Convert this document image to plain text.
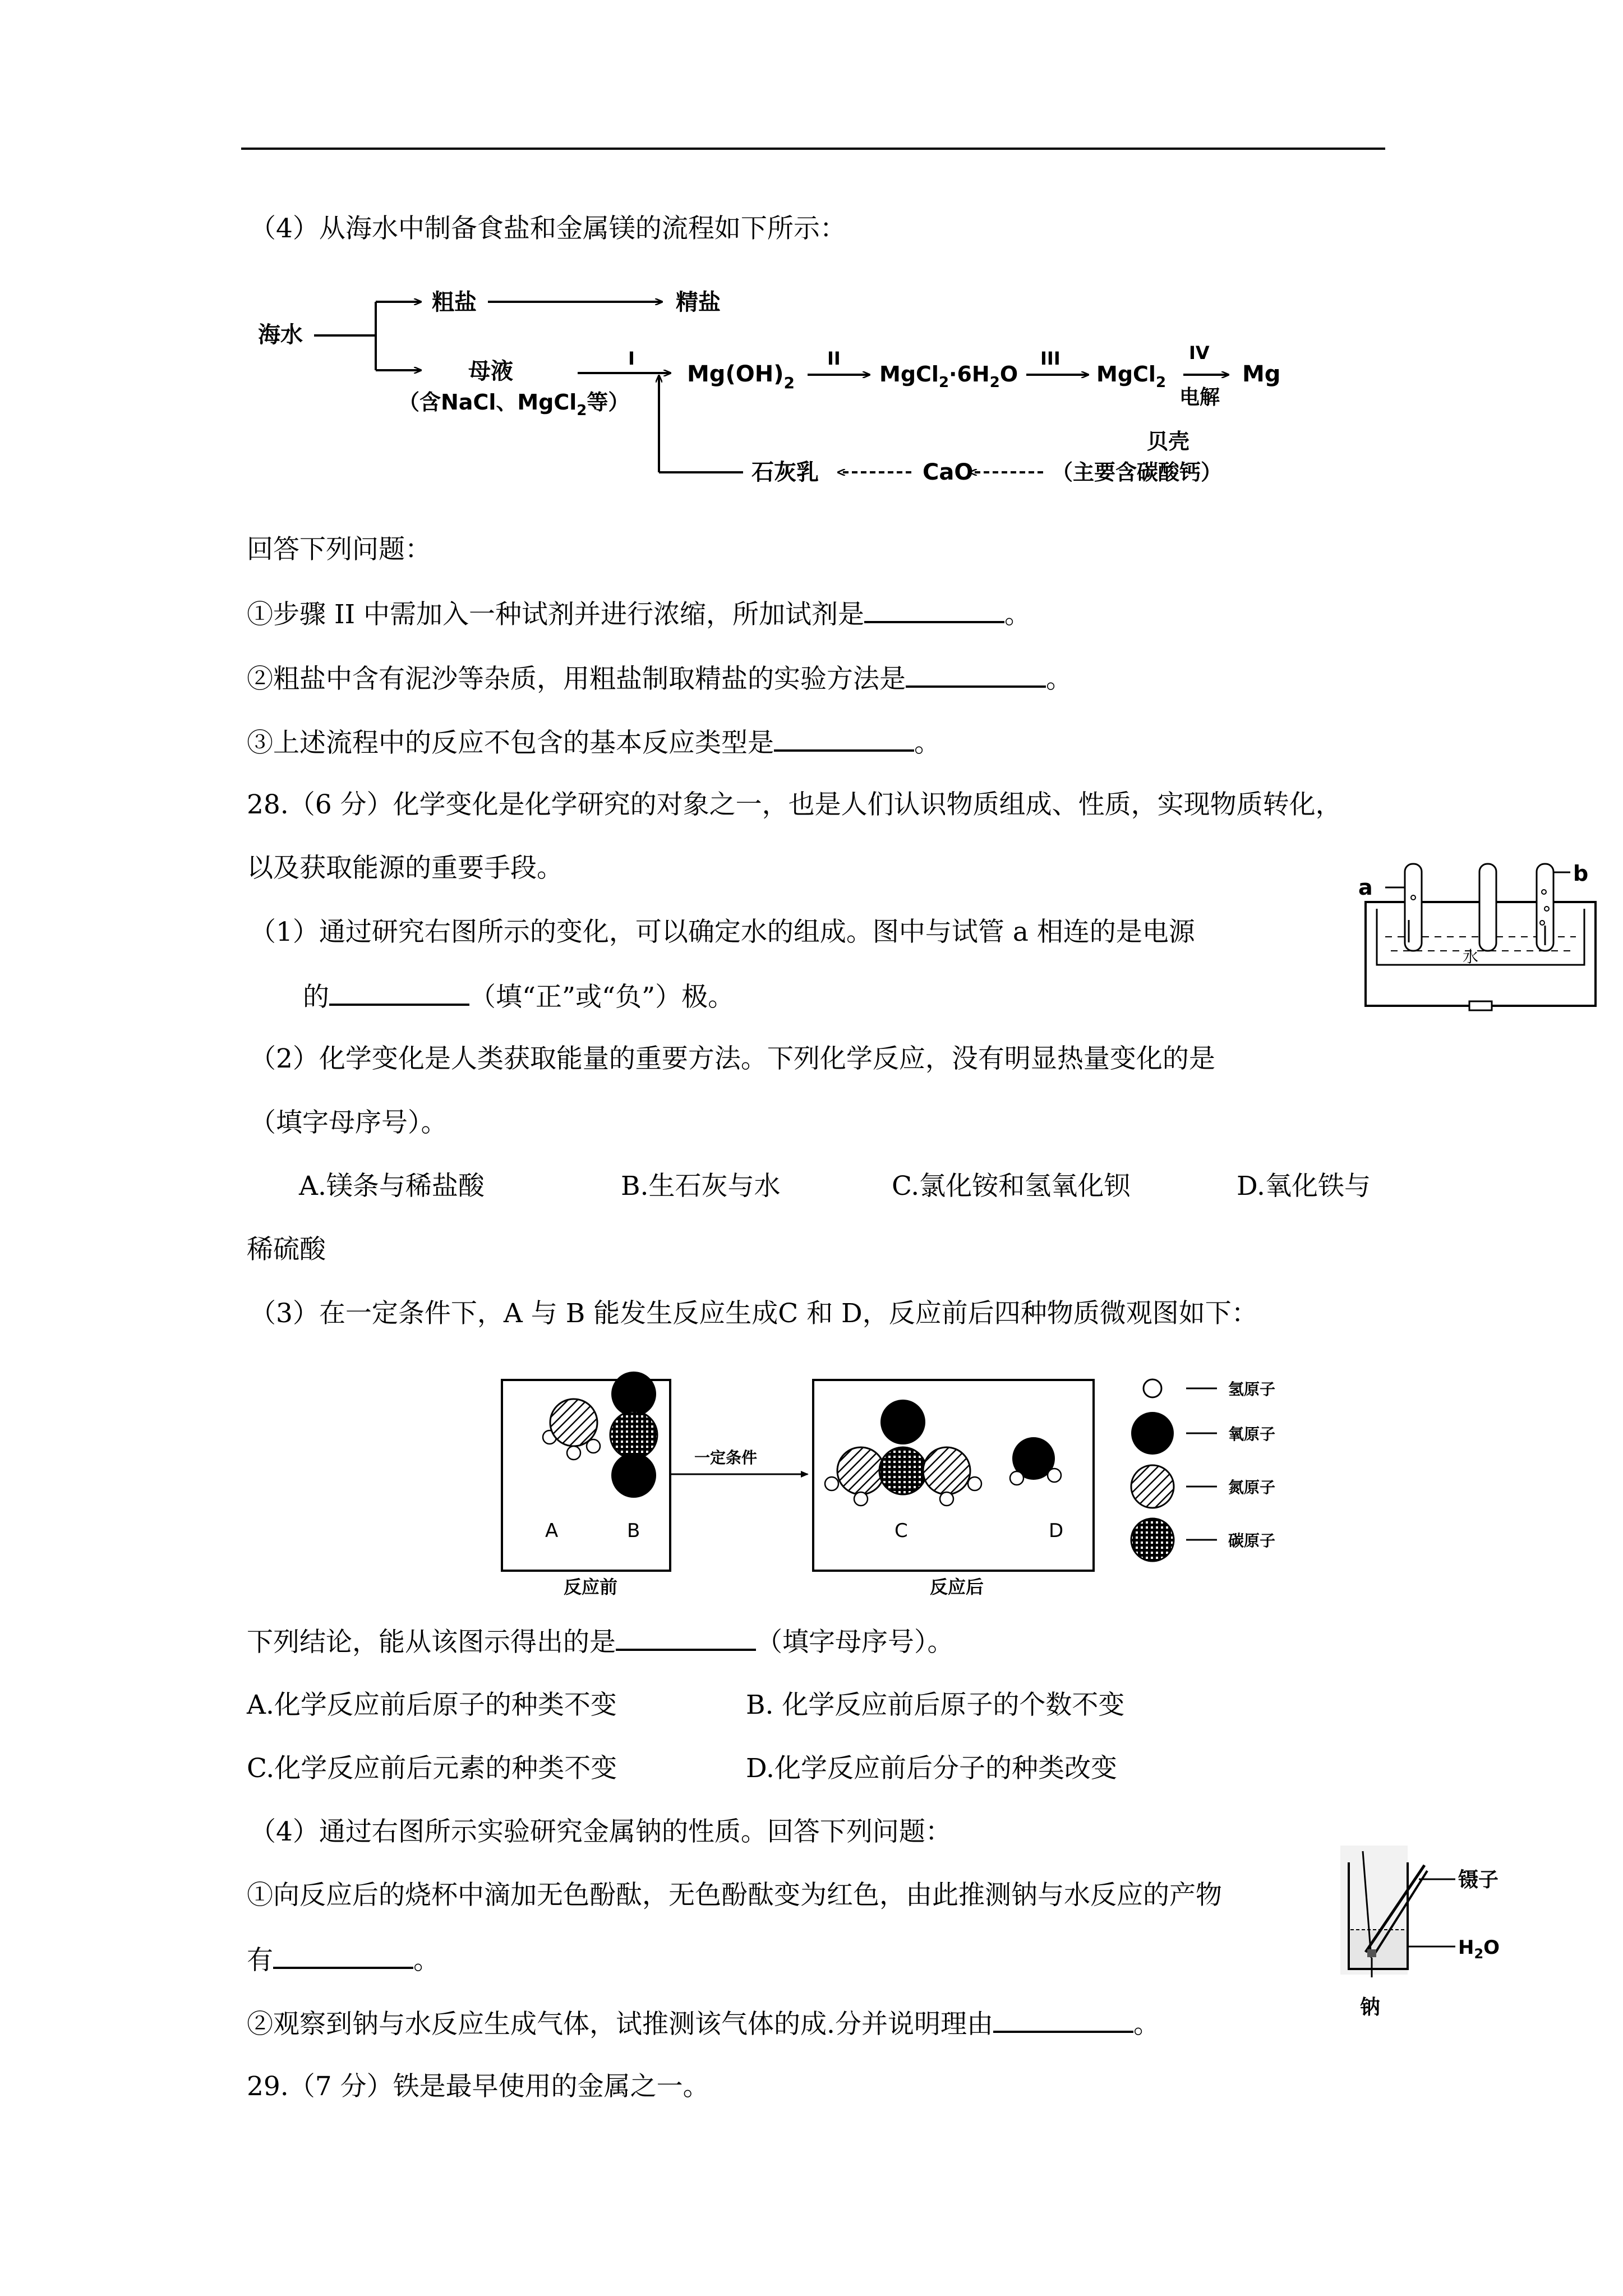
（4）从海水中制备食盐和金属镁的流程如下所示：
海水
粗盐	精盐
母液
（含NaCl、MgCl$_2$等）
I
$Mg(OH)_2$
II
$MgCl_2\cdot 6H_2O$
III
MgCl$_2$
IV
电解
Mg
贝壳
（主要含碳酸钙）
CaO
石灰乳
回答下列问题：
①步骤 II 中需加入一种试剂并进行浓缩，所加试剂是	。
②粗盐中含有泥沙等杂质，用粗盐制取精盐的实验方法是	。
③上述流程中的反应不包含的基本反应类型是	。
28.（6 分）化学变化是化学研究的对象之一，也是人们认识物质组成、性质，实现物质转化，
以及获取能源的重要手段。
a
b
水
（1）通过研究右图所示的变化，可以确定水的组成。图中与试管 a 相连的是电源
的	（填“正”或“负”）极。
（2）化学变化是人类获取能量的重要方法。下列化学反应，没有明显热量变化的是
（填字母序号）。
A.镁条与稀盐酸	B.生石灰与水	C.氯化铵和氢氧化钡	D.氧化铁与
稀硫酸
（3）在一定条件下，A 与 B 能发生反应生成C 和 D，反应前后四种物质微观图如下：
A	B
反应前
一定条件
C	D
反应后
氢原子
氧原子
氮原子
碳原子
下列结论，能从该图示得出的是	（填字母序号）。
A.化学反应前后原子的种类不变	B. 化学反应前后原子的个数不变
C.化学反应前后元素的种类不变	D.化学反应前后分子的种类改变
（4）通过右图所示实验研究金属钠的性质。回答下列问题：
镊子
$H_2O$
钠
①向反应后的烧杯中滴加无色酚酞，无色酚酞变为红色，由此推测钠与水反应的产物
有	。
②观察到钠与水反应生成气体，试推测该气体的成.分并说明理由	。
29.（7 分）铁是最早使用的金属之一。
